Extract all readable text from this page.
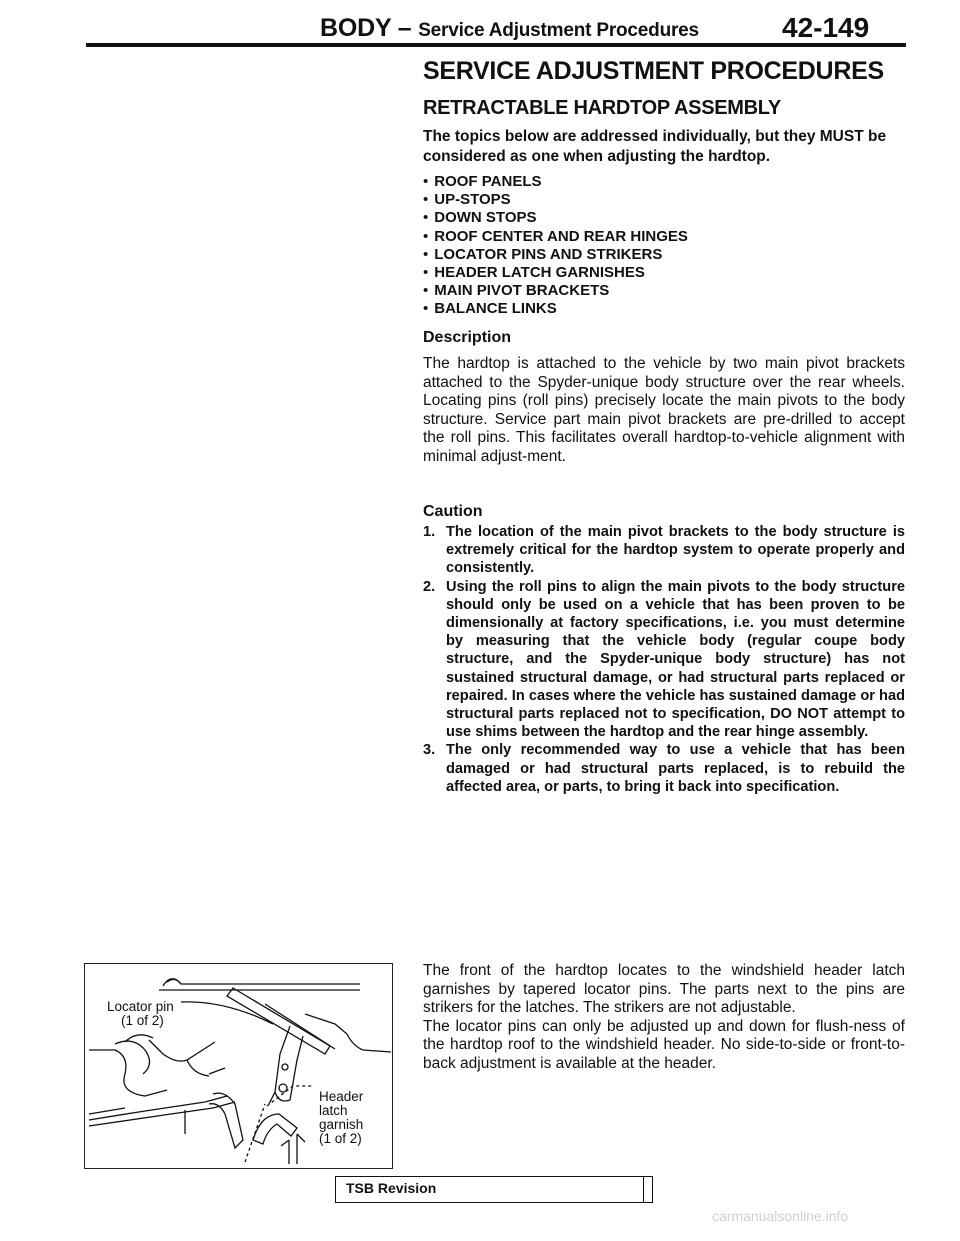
BODY – Service Adjustment Procedures	42-149
SERVICE ADJUSTMENT PROCEDURES
RETRACTABLE HARDTOP ASSEMBLY
The topics below are addressed individually, but they MUST be considered as one when adjusting the hardtop.
• ROOF PANELS
• UP-STOPS
• DOWN STOPS
• ROOF CENTER AND REAR HINGES
• LOCATOR PINS AND STRIKERS
• HEADER LATCH GARNISHES
• MAIN PIVOT BRACKETS
• BALANCE LINKS
Description
The hardtop is attached to the vehicle by two main pivot brackets attached to the Spyder-unique body structure over the rear wheels. Locating pins (roll pins) precisely locate the main pivots to the body structure. Service part main pivot brackets are pre-drilled to accept the roll pins. This facilitates overall hardtop-to-vehicle alignment with minimal adjust-ment.
Caution
1. The location of the main pivot brackets to the body structure is extremely critical for the hardtop system to operate properly and consistently.
2. Using the roll pins to align the main pivots to the body structure should only be used on a vehicle that has been proven to be dimensionally at factory specifications, i.e. you must determine by measuring that the vehicle body (regular coupe body structure, and the Spyder-unique body structure) has not sustained structural damage, or had structural parts replaced or repaired. In cases where the vehicle has sustained damage or had structural parts replaced not to specification, DO NOT attempt to use shims between the hardtop and the rear hinge assembly.
3. The only recommended way to use a vehicle that has been damaged or had structural parts replaced, is to rebuild the affected area, or parts, to bring it back into specification.

The front of the hardtop locates to the windshield header latch garnishes by tapered locator pins. The parts next to the pins are strikers for the latches. The strikers are not adjustable.

The locator pins can only be adjusted up and down for flush-ness of the hardtop roof to the windshield header. No side-to-side or front-to-back adjustment is available at the header.

Locator pin
(1 of 2)
Header
latch
garnish
(1 of 2)
TSB Revision
carmanualsonline.info
